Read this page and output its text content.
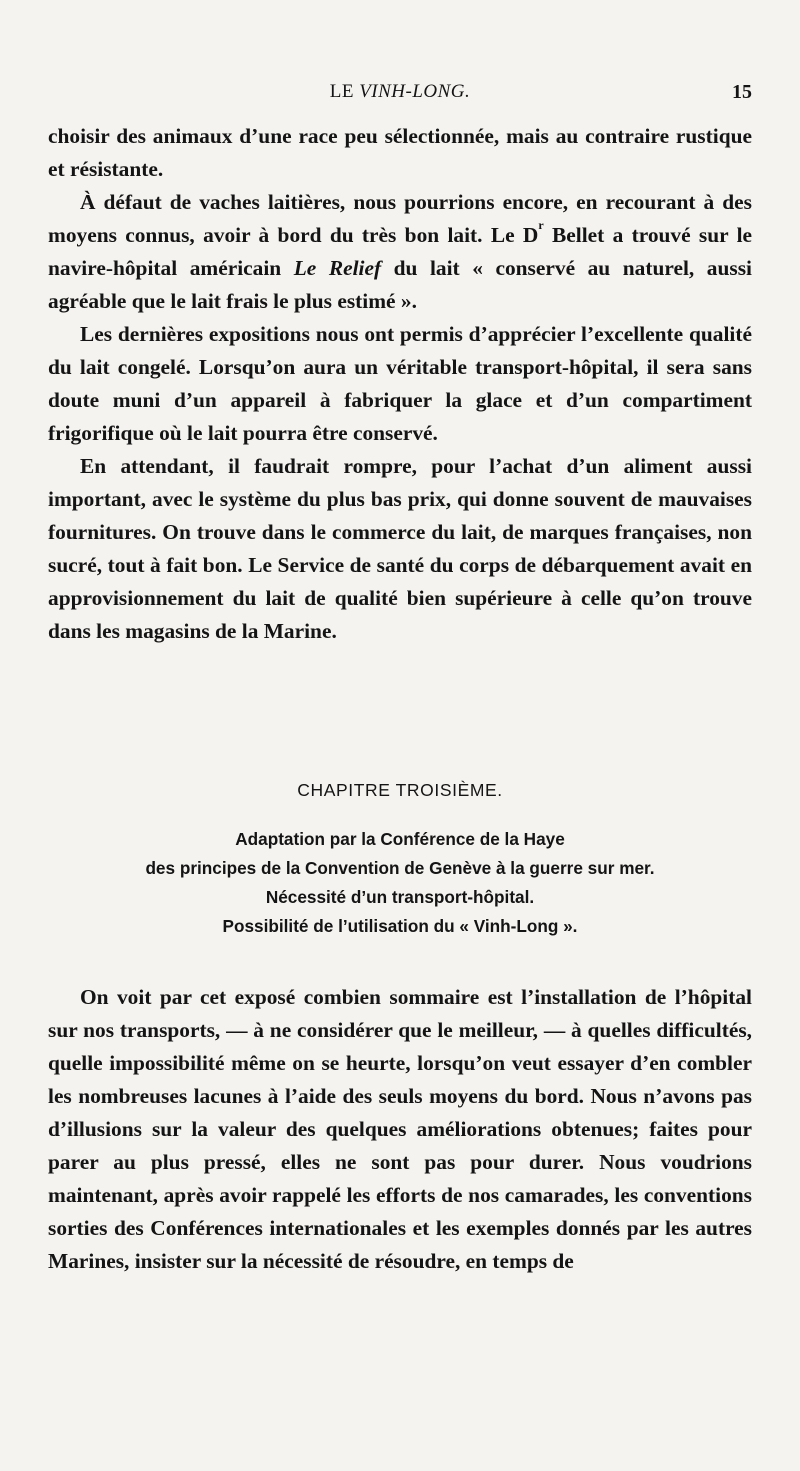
LE VINH-LONG.	15

choisir des animaux d’une race peu sélectionnée, mais au contraire rustique et résistante.

À défaut de vaches laitières, nous pourrions encore, en recourant à des moyens connus, avoir à bord du très bon lait. Le $D^r$ Bellet a trouvé sur le navire-hôpital américain Le Relief du lait « conservé au naturel, aussi agréable que le lait frais le plus estimé ».

Les dernières expositions nous ont permis d’apprécier l’excellente qualité du lait congelé. Lorsqu’on aura un véritable transport-hôpital, il sera sans doute muni d’un appareil à fabriquer la glace et d’un compartiment frigorifique où le lait pourra être conservé.

En attendant, il faudrait rompre, pour l’achat d’un aliment aussi important, avec le système du plus bas prix, qui donne souvent de mauvaises fournitures. On trouve dans le commerce du lait, de marques françaises, non sucré, tout à fait bon. Le Service de santé du corps de débarquement avait en approvisionnement du lait de qualité bien supérieure à celle qu’on trouve dans les magasins de la Marine.

CHAPITRE TROISIÈME.
Adaptation par la Conférence de la Haye
des principes de la Convention de Genève à la guerre sur mer.
Nécessité d’un transport-hôpital.
Possibilité de l’utilisation du « Vinh-Long ».

On voit par cet exposé combien sommaire est l’installation de l’hôpital sur nos transports, — à ne considérer que le meilleur, — à quelles difficultés, quelle impossibilité même on se heurte, lorsqu’on veut essayer d’en combler les nombreuses lacunes à l’aide des seuls moyens du bord. Nous n’avons pas d’illusions sur la valeur des quelques améliorations obtenues; faites pour parer au plus pressé, elles ne sont pas pour durer. Nous voudrions maintenant, après avoir rappelé les efforts de nos camarades, les conventions sorties des Conférences internationales et les exemples donnés par les autres Marines, insister sur la nécessité de résoudre, en temps de
